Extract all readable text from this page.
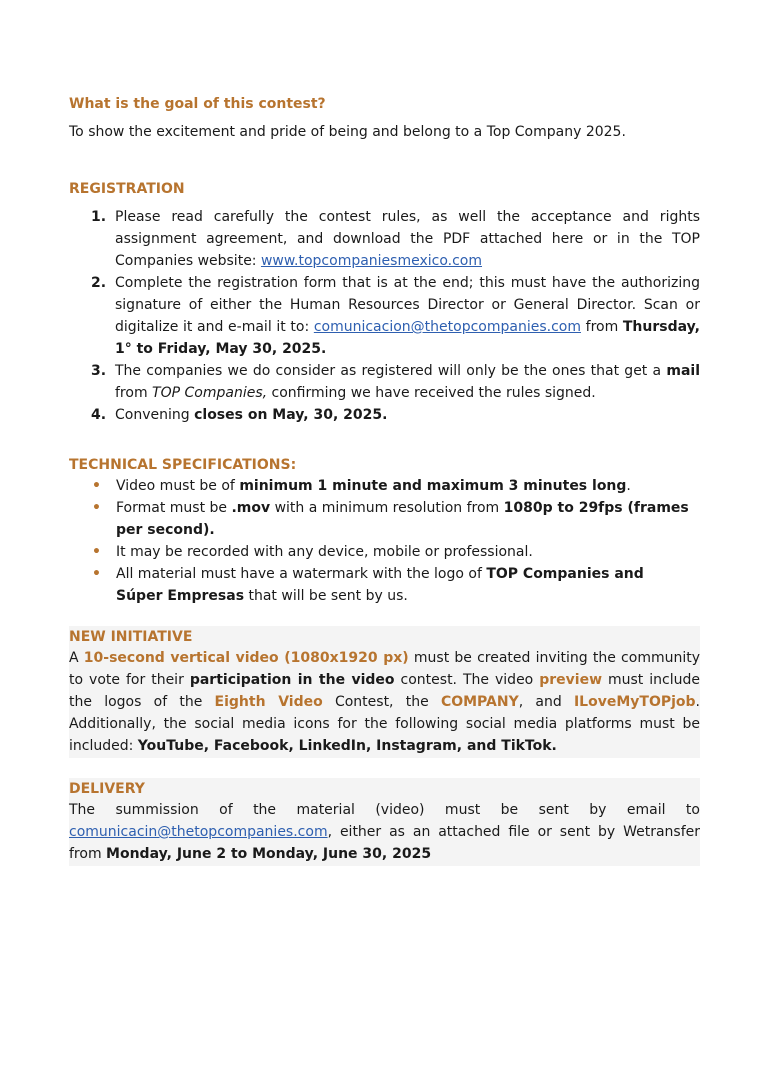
What is the goal of this contest?
To show the excitement and pride of being and belong to a Top Company 2025.
REGISTRATION
1. Please read carefully the contest rules, as well the acceptance and rights assignment agreement, and download the PDF attached here or in the TOP Companies website: www.topcompaniesmexico.com
2. Complete the registration form that is at the end; this must have the authorizing signature of either the Human Resources Director or General Director. Scan or digitalize it and e-mail it to: comunicacion@thetopcompanies.com from Thursday, 1° to Friday, May 30, 2025.
3. The companies we do consider as registered will only be the ones that get a mail from TOP Companies, confirming we have received the rules signed.
4. Convening closes on May, 30, 2025.
TECHNICAL SPECIFICATIONS:
• Video must be of minimum 1 minute and maximum 3 minutes long.
• Format must be .mov with a minimum resolution from 1080p to 29fps (frames per second).
• It may be recorded with any device, mobile or professional.
• All material must have a watermark with the logo of TOP Companies and Súper Empresas that will be sent by us.
NEW INITIATIVE
A 10-second vertical video (1080x1920 px) must be created inviting the community to vote for their participation in the video contest. The video preview must include the logos of the Eighth Video Contest, the COMPANY, and ILoveMyTOPjob. Additionally, the social media icons for the following social media platforms must be included: YouTube, Facebook, LinkedIn, Instagram, and TikTok.
DELIVERY
The summission of the material (video) must be sent by email to comunicacin@thetopcompanies.com, either as an attached file or sent by Wetransfer from Monday, June 2 to Monday, June 30, 2025
